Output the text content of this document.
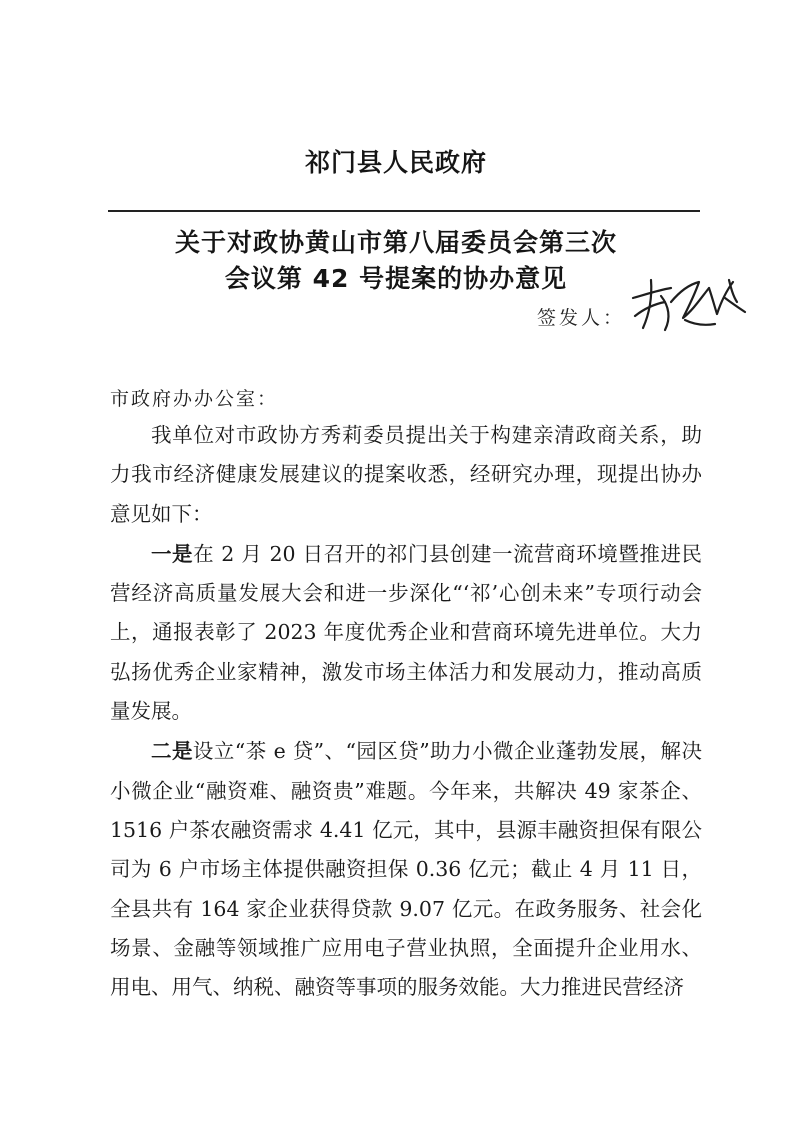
祁门县人民政府
关于对政协黄山市第八届委员会第三次
会议第 42 号提案的协办意见
签发人：
市政府办办公室：

我单位对市政协方秀莉委员提出关于构建亲清政商关系，助力我市经济健康发展建议的提案收悉，经研究办理，现提出协办意见如下：

一是在 2 月 20 日召开的祁门县创建一流营商环境暨推进民营经济高质量发展大会和进一步深化“‘祁’心创未来”专项行动会上，通报表彰了 2023 年度优秀企业和营商环境先进单位。大力弘扬优秀企业家精神，激发市场主体活力和发展动力，推动高质量发展。

二是设立“茶 e 贷”、“园区贷”助力小微企业蓬勃发展，解决小微企业“融资难、融资贵”难题。今年来，共解决 49 家茶企、1516 户茶农融资需求 4.41 亿元，其中，县源丰融资担保有限公司为 6 户市场主体提供融资担保 0.36 亿元；截止 4 月 11 日，全县共有 164 家企业获得贷款 9.07 亿元。在政务服务、社会化场景、金融等领域推广应用电子营业执照，全面提升企业用水、用电、用气、纳税、融资等事项的服务效能。大力推进民营经济
